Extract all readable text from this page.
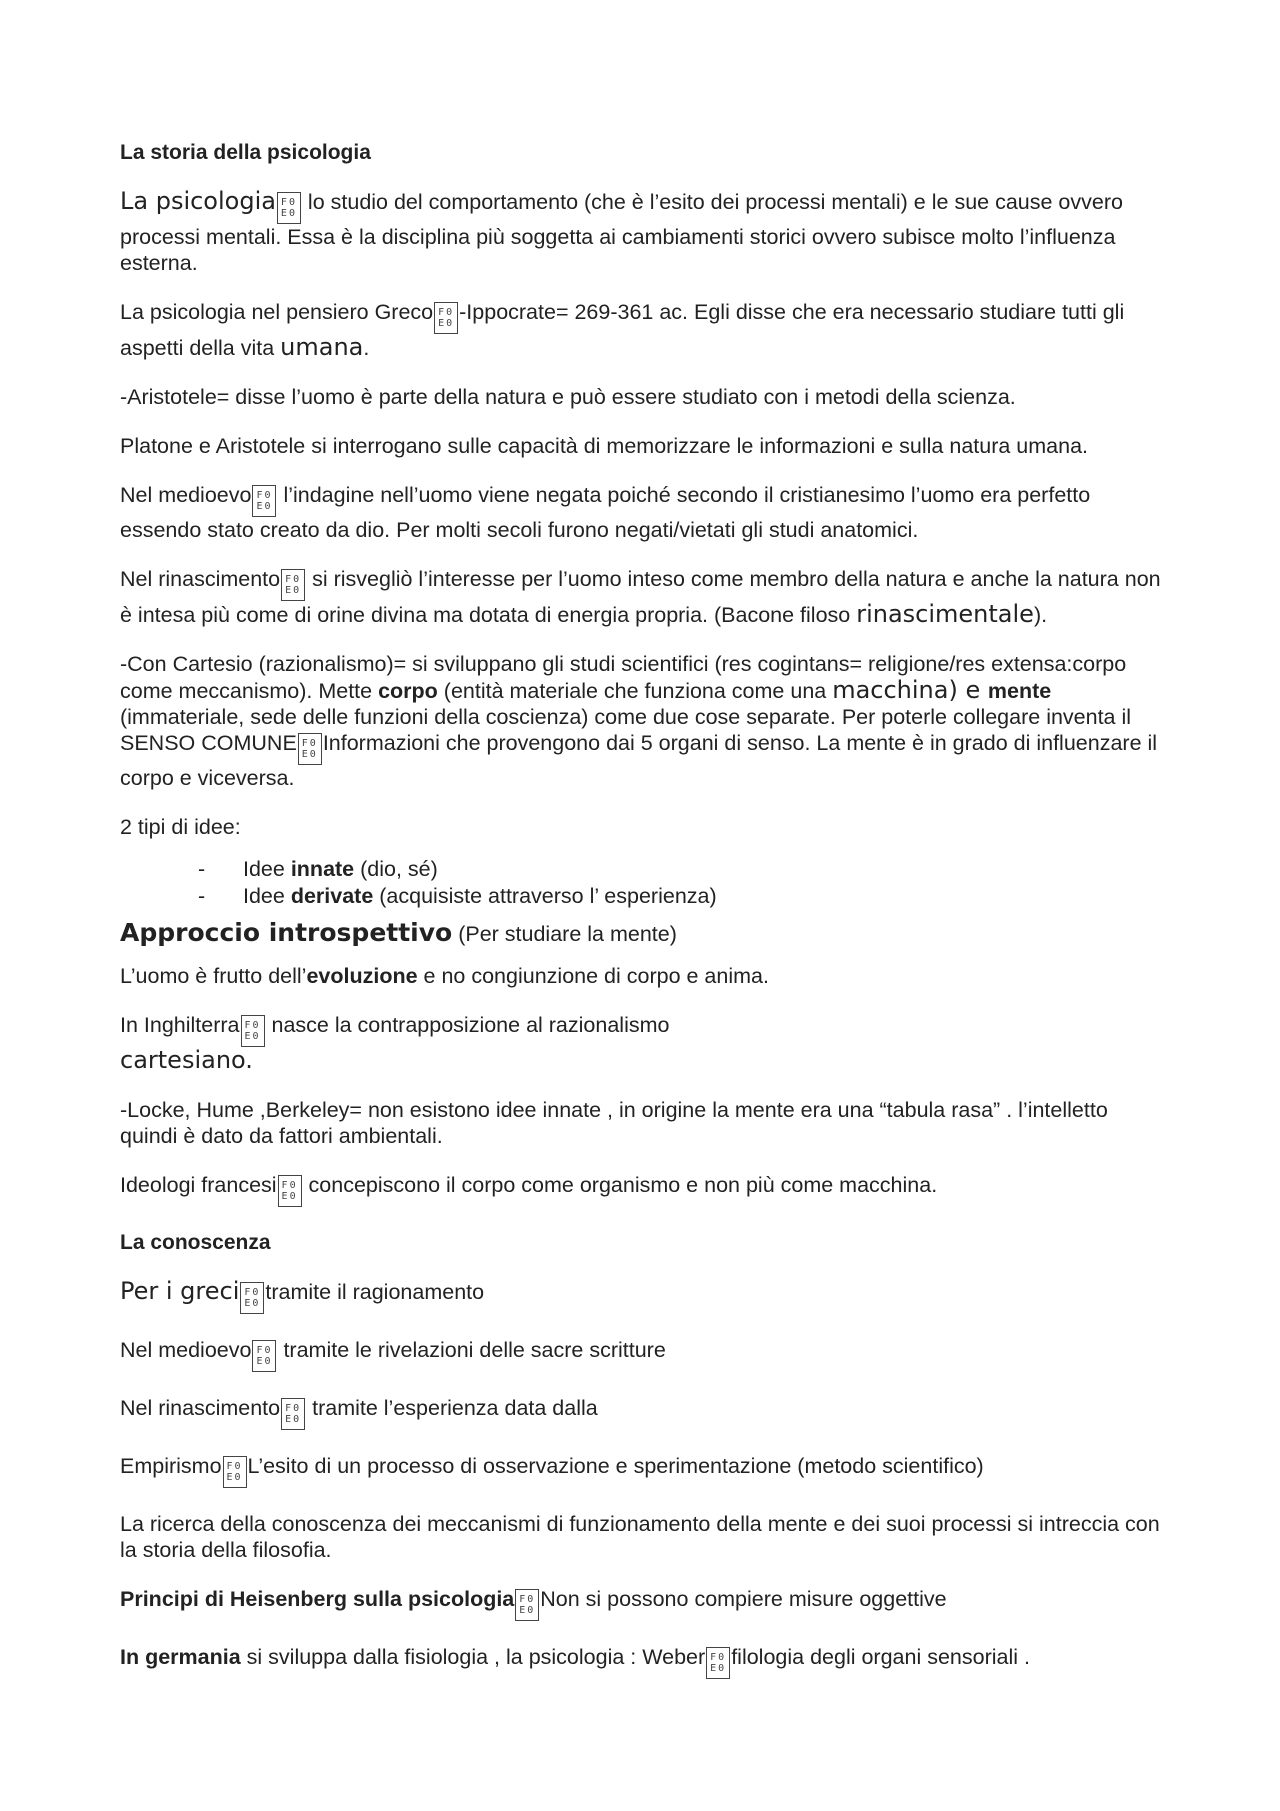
La storia della psicologia

La psicologia F0
E0 lo studio del comportamento (che è l’esito dei processi mentali) e le sue cause ovvero processi mentali. Essa è la disciplina più soggetta ai cambiamenti storici ovvero subisce molto l’influenza esterna.

La psicologia nel pensiero Greco F0
E0 -Ippocrate= 269-361 ac. Egli disse che era necessario studiare tutti gli aspetti della vita umana.

-Aristotele= disse l’uomo è parte della natura e può essere studiato con i metodi della scienza.

Platone e Aristotele si interrogano sulle capacità di memorizzare le informazioni e sulla natura umana.

Nel medioevo F0
E0 l’indagine nell’uomo viene negata poiché secondo il cristianesimo l’uomo era perfetto essendo stato creato da dio. Per molti secoli furono negati/vietati gli studi anatomici.

Nel rinascimento F0
E0 si risvegliò l’interesse per l’uomo inteso come membro della natura e anche la natura non è intesa più come di orine divina ma dotata di energia propria. (Bacone filoso rinascimentale).

-Con Cartesio (razionalismo)= si sviluppano gli studi scientifici (res cogintans= religione/res extensa:corpo come meccanismo). Mette corpo (entità materiale che funziona come una macchina) e mente (immateriale, sede delle funzioni della coscienza) come due cose separate. Per poterle collegare inventa il SENSO COMUNE F0
E0 Informazioni che provengono dai 5 organi di senso. La mente è in grado di influenzare il corpo e viceversa.

2 tipi di idee:

- Idee innate (dio, sé)
- Idee derivate (acquisiste attraverso l’ esperienza)

Approccio introspettivo (Per studiare la mente)

L’uomo è frutto dell’evoluzione e no congiunzione di corpo e anima.

In Inghilterra F0
E0 nasce la contrapposizione al razionalismo cartesiano.

-Locke, Hume ,Berkeley= non esistono idee innate , in origine la mente era una “tabula rasa” . l’intelletto quindi è dato da fattori ambientali.

Ideologi francesi F0
E0 concepiscono il corpo come organismo e non più come macchina.

La conoscenza

Per i greci F0
E0 tramite il ragionamento

Nel medioevo F0
E0 tramite le rivelazioni delle sacre scritture

Nel rinascimento F0
E0 tramite l’esperienza data dalla

Empirismo F0
E0 L’esito di un processo di osservazione e sperimentazione (metodo scientifico)

La ricerca della conoscenza dei meccanismi di funzionamento della mente e dei suoi processi si intreccia con la storia della filosofia.

Principi di Heisenberg sulla psicologia F0
E0 Non si possono compiere misure oggettive

In germania si sviluppa dalla fisiologia , la psicologia : Weber F0
E0 filologia degli organi sensoriali .
